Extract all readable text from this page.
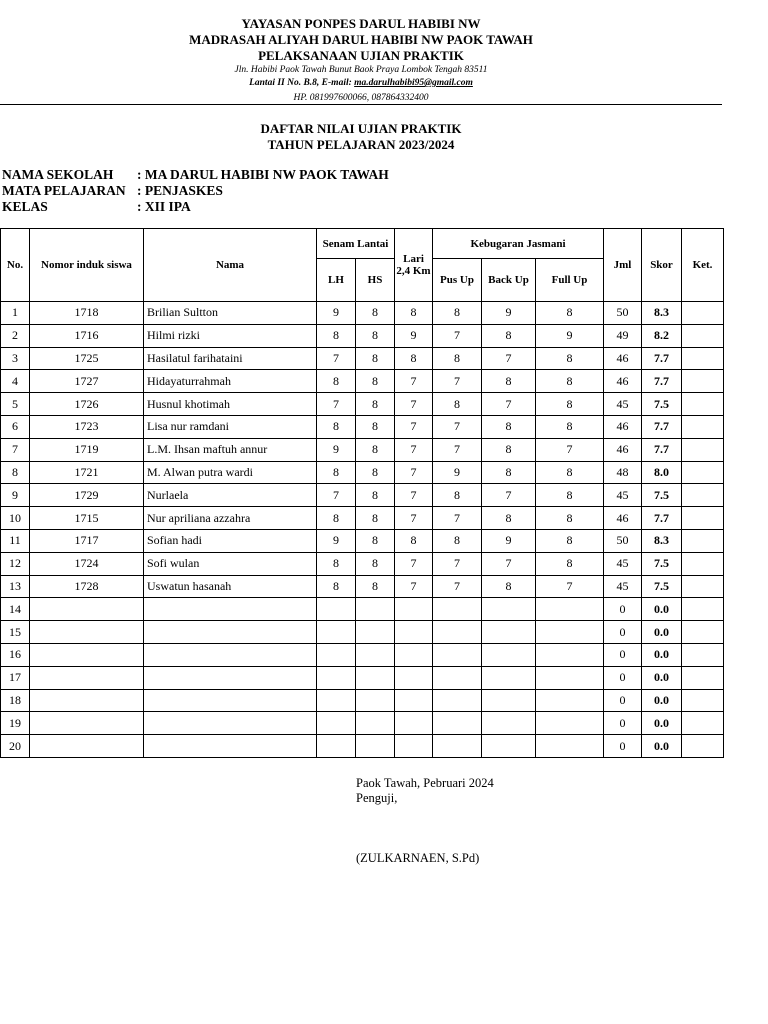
YAYASAN PONPES DARUL HABIBI NW
MADRASAH ALIYAH DARUL HABIBI NW PAOK TAWAH
PELAKSANAAN UJIAN PRAKTIK
Jln. Habibi Paok Tawah Bunut Baok Praya Lombok Tengah 83511
Lantai II No. B.8, E-mail: ma.darulhabibi95@gmail.com
HP. 081997600066, 087864332400
DAFTAR NILAI UJIAN PRAKTIK
TAHUN PELAJARAN 2023/2024
NAMA SEKOLAH : MA DARUL HABIBI NW PAOK TAWAH
MATA PELAJARAN : PENJASKES
KELAS	: XII IPA
No.	Nomor induk siswa	Nama	Senam Lantai		Lari 2,4 Km	Kebugaran Jasmani			Jml	Skor	Ket.
			LH	HS		Pus Up	Back Up	Full Up			
1	1718	Brilian Sultton	9	8	8	8	9	8	50	8.3	
2	1716	Hilmi rizki	8	8	9	7	8	9	49	8.2	
3	1725	Hasilatul farihataini	7	8	8	8	7	8	46	7.7	
4	1727	Hidayaturrahmah	8	8	7	7	8	8	46	7.7	
5	1726	Husnul khotimah	7	8	7	8	7	8	45	7.5	
6	1723	Lisa nur ramdani	8	8	7	7	8	8	46	7.7	
7	1719	L.M. Ihsan maftuh annur	9	8	7	7	8	7	46	7.7	
8	1721	M. Alwan putra wardi	8	8	7	9	8	8	48	8.0	
9	1729	Nurlaela	7	8	7	8	7	8	45	7.5	
10	1715	Nur apriliana azzahra	8	8	7	7	8	8	46	7.7	
11	1717	Sofian hadi	9	8	8	8	9	8	50	8.3	
12	1724	Sofi wulan	8	8	7	7	7	8	45	7.5	
13	1728	Uswatun hasanah	8	8	7	7	8	7	45	7.5	
14									0	0.0	
15									0	0.0	
16									0	0.0	
17									0	0.0	
18									0	0.0	
19									0	0.0	
20									0	0.0	
Paok Tawah, Pebruari 2024
Penguji,
(ZULKARNAEN, S.Pd)
